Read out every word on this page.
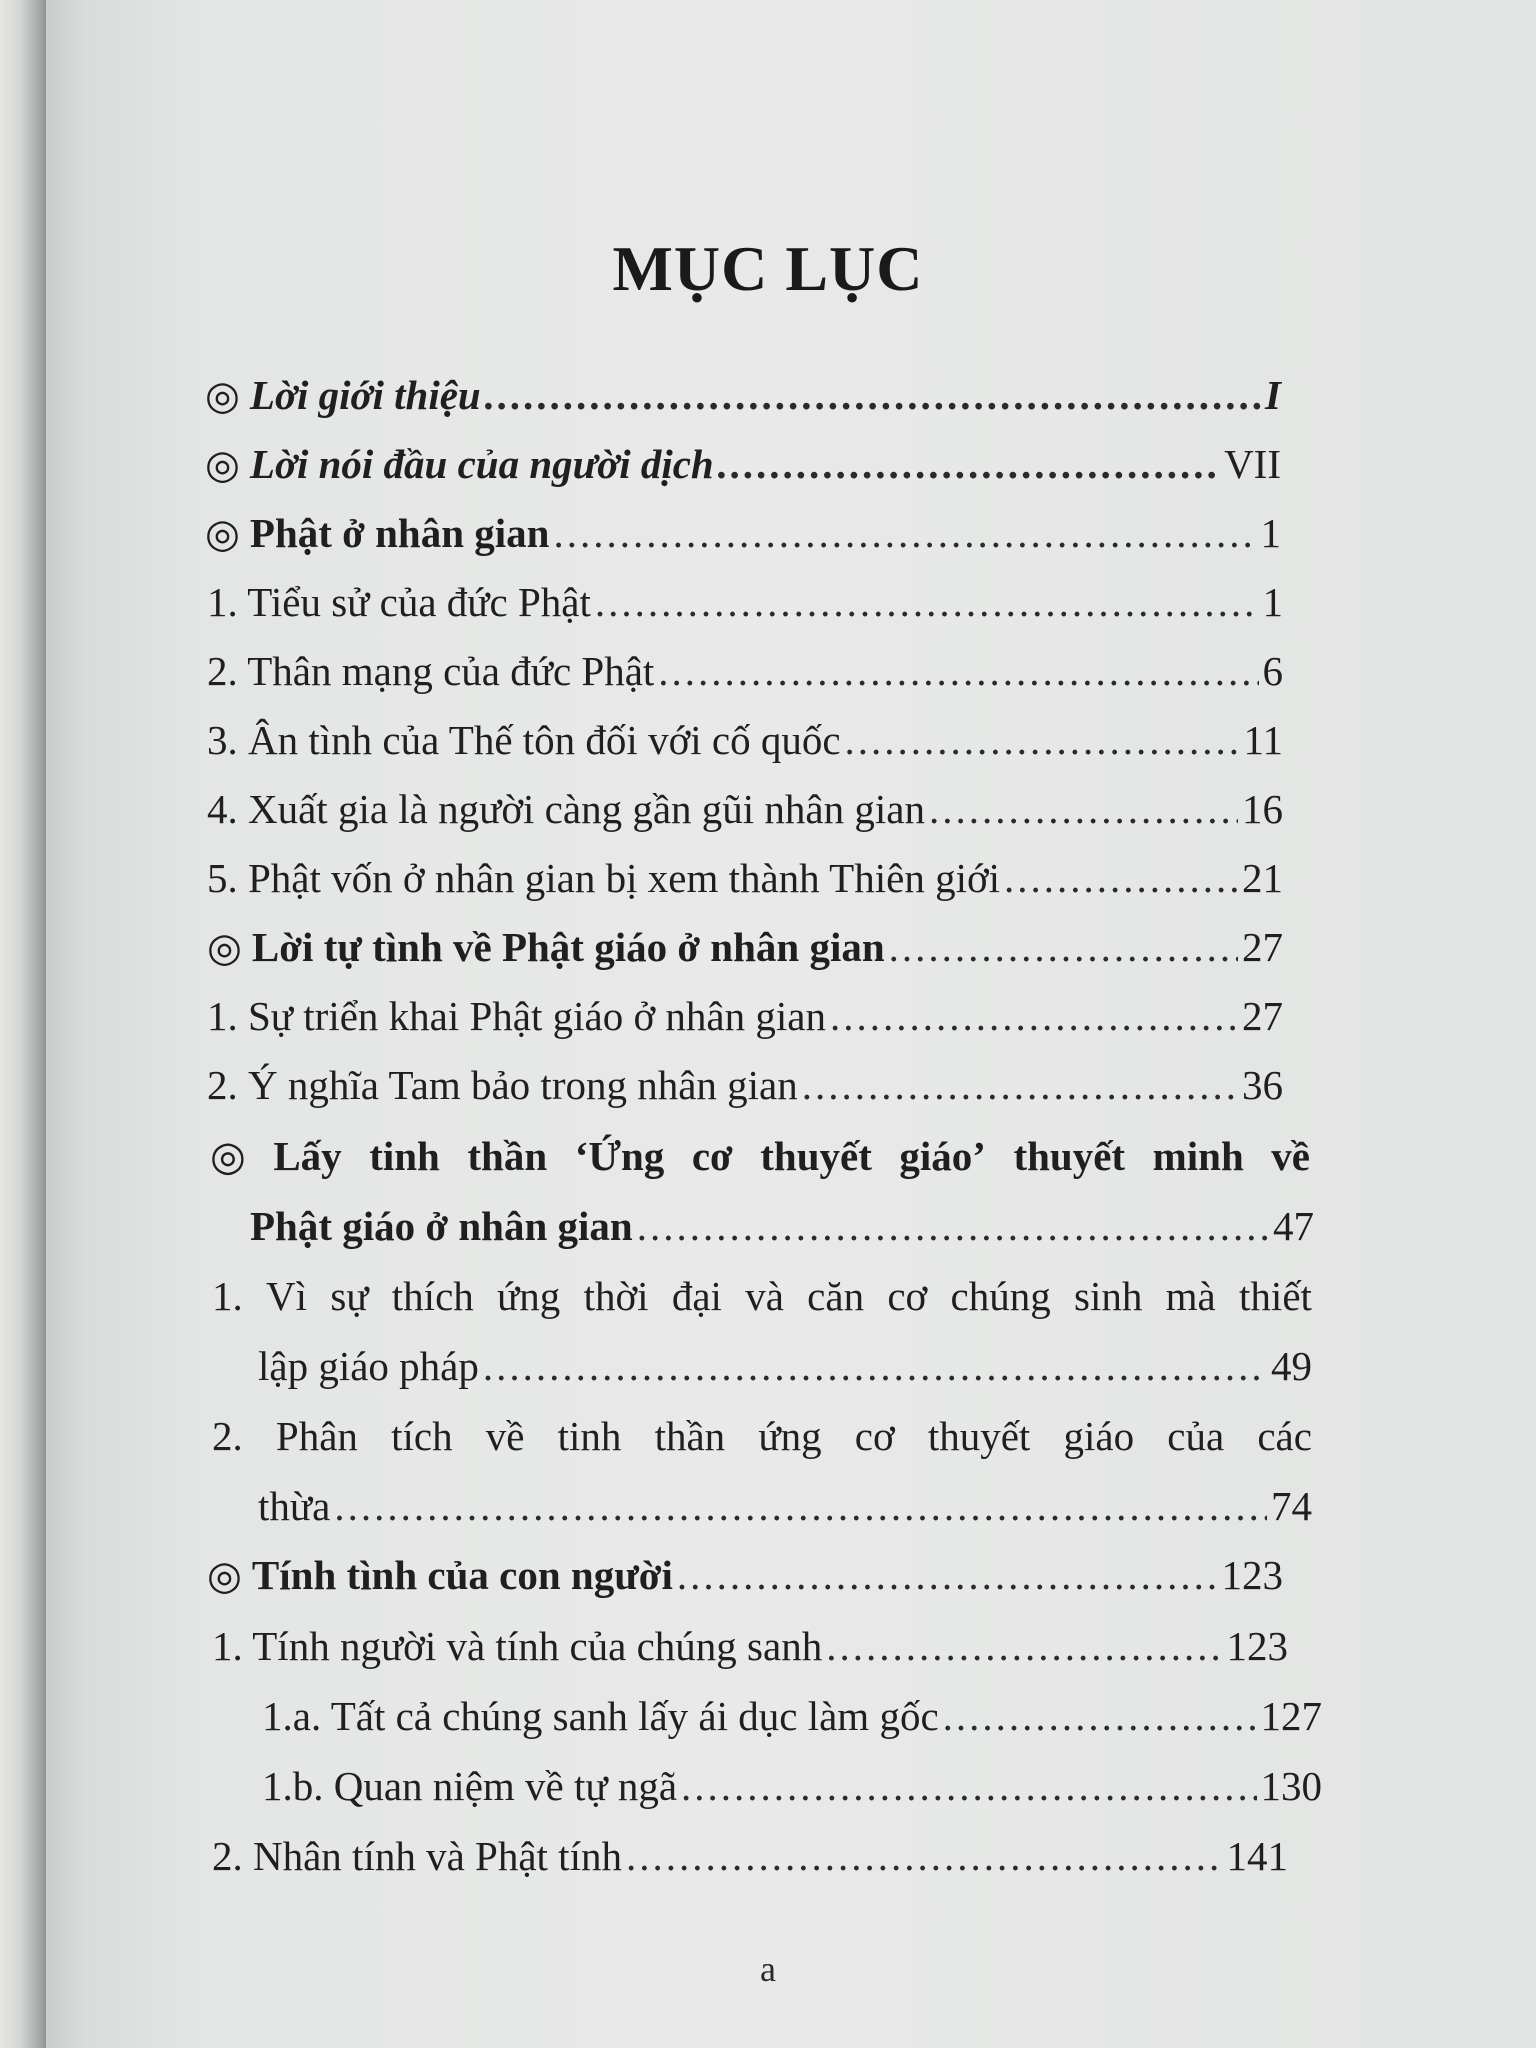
MỤC LỤC
◎ Lời giới thiệu .....	I
◎ Lời nói đầu của người dịch .....	VII
◎ Phật ở nhân gian .....	1
1. Tiểu sử của đức Phật .....	1
2. Thân mạng của đức Phật .....	6
3. Ân tình của Thế tôn đối với cố quốc .....	11
4. Xuất gia là người càng gần gũi nhân gian .....	16
5. Phật vốn ở nhân gian bị xem thành Thiên giới .....	21
◎ Lời tự tình về Phật giáo ở nhân gian .....	27
1. Sự triển khai Phật giáo ở nhân gian .....	27
2. Ý nghĩa Tam bảo trong nhân gian .....	36
◎ Lấy tinh thần ‘Ứng cơ thuyết giáo’ thuyết minh về
Phật giáo ở nhân gian .....	47
1. Vì sự thích ứng thời đại và căn cơ chúng sinh mà thiết
lập giáo pháp .....	49
2. Phân tích về tinh thần ứng cơ thuyết giáo của các
thừa .....	74
◎ Tính tình của con người .....	123
1. Tính người và tính của chúng sanh .....	123
1.a. Tất cả chúng sanh lấy ái dục làm gốc .....	127
1.b. Quan niệm về tự ngã .....	130
2. Nhân tính và Phật tính .....	141
a
